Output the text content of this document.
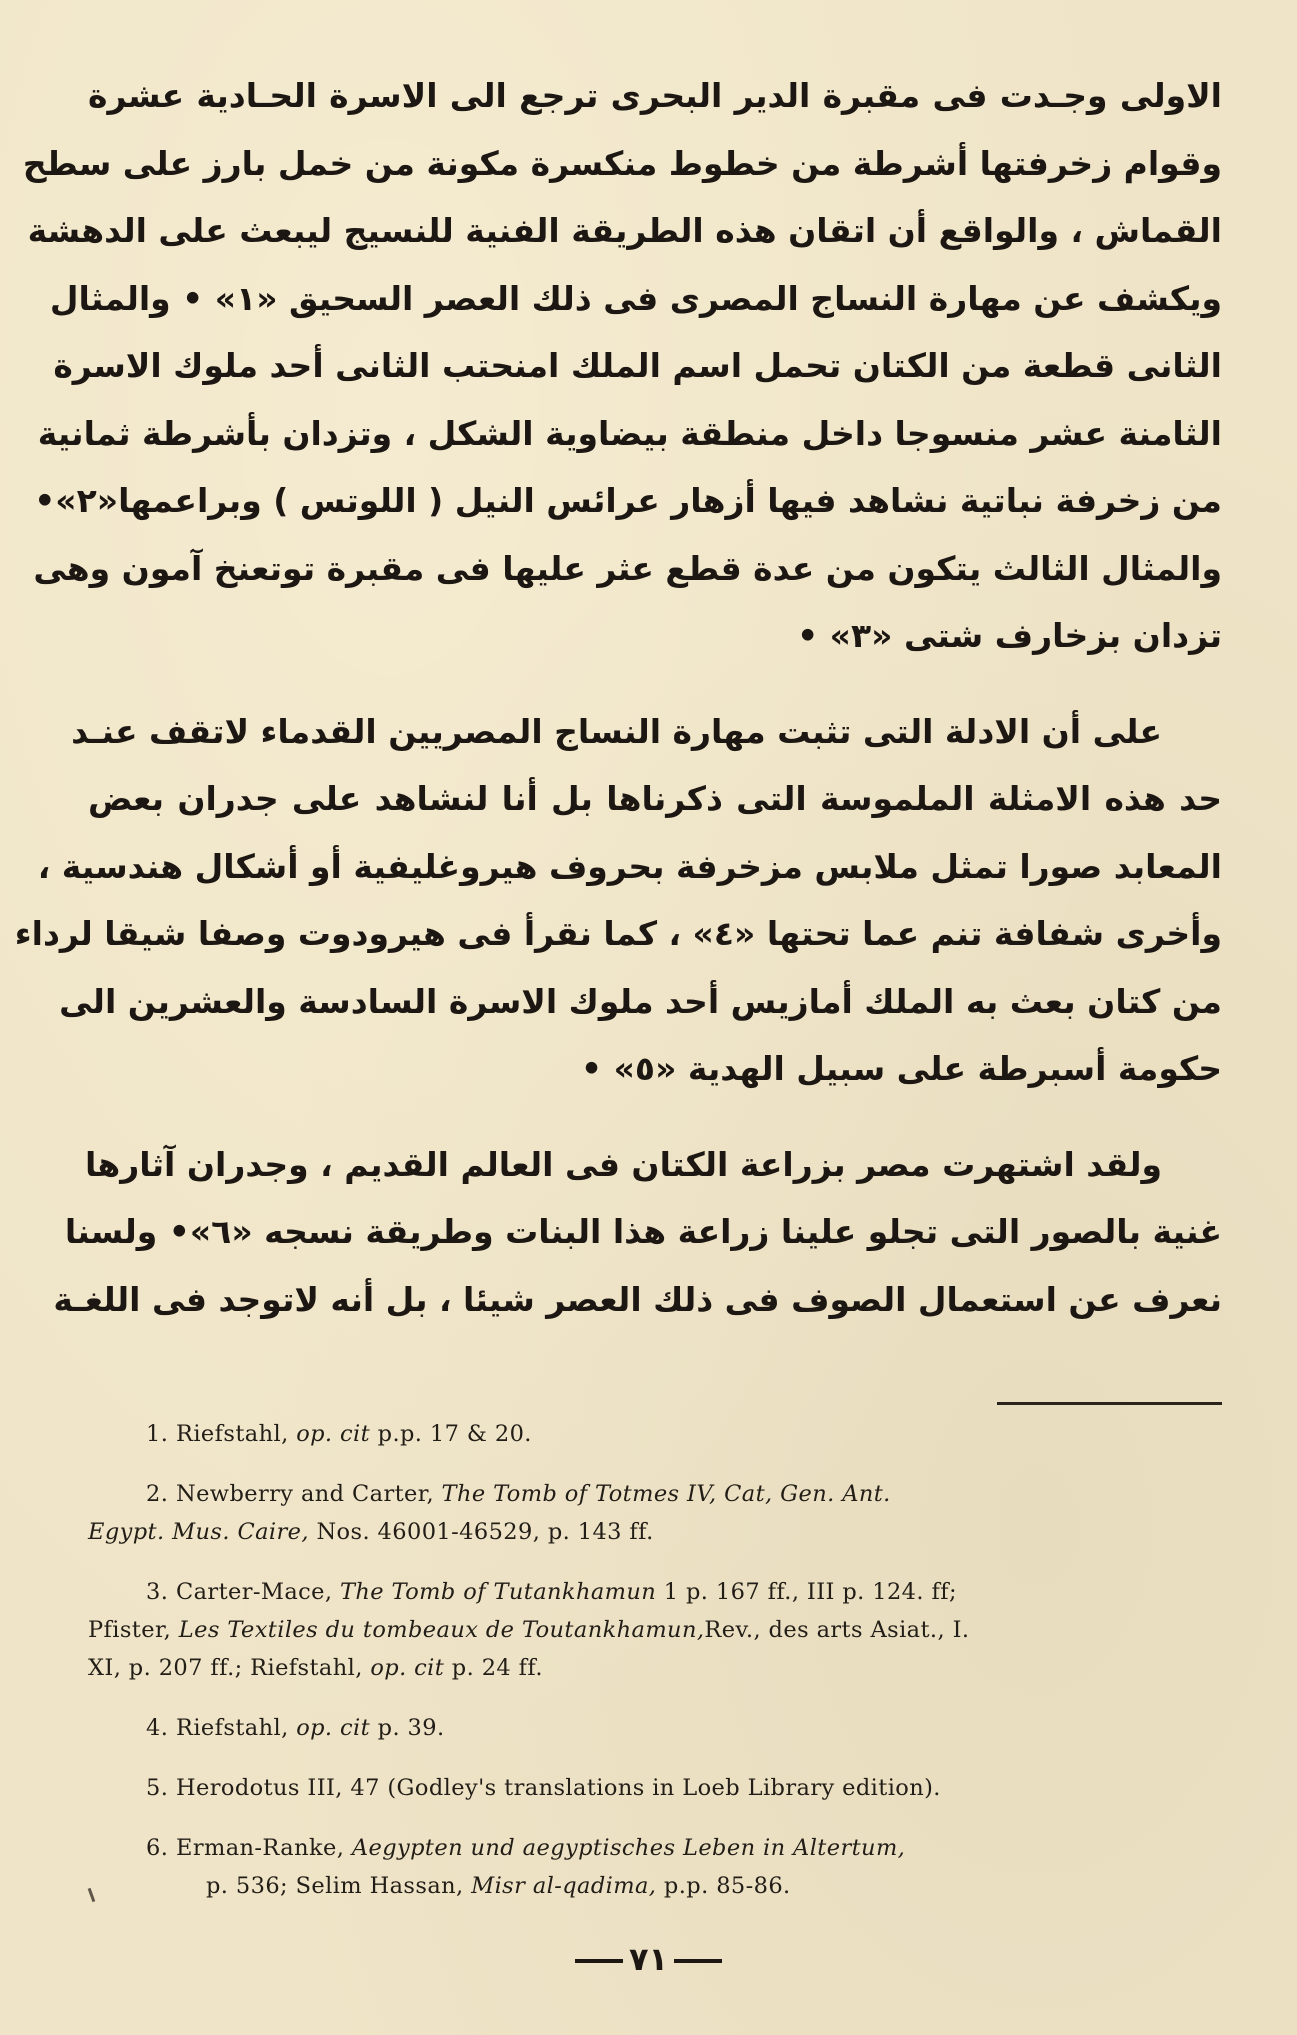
الاولى وجـدت فى مقبرة الدير البحرى ترجع الى الاسرة الحـادية عشرة
وقوام زخرفتها أشرطة من خطوط منكسرة مكونة من خمل بارز على سطح
القماش ، والواقع أن اتقان هذه الطريقة الفنية للنسيج ليبعث على الدهشة
ويكشف عن مهارة النساج المصرى فى ذلك العصر السحيق «١» • والمثال
الثانى قطعة من الكتان تحمل اسم الملك امنحتب الثانى أحد ملوك الاسرة
الثامنة عشر منسوجا داخل منطقة بيضاوية الشكل ، وتزدان بأشرطة ثمانية
من زخرفة نباتية نشاهد فيها أزهار عرائس النيل ( اللوتس ) وبراعمها«٢»•
والمثال الثالث يتكون من عدة قطع عثر عليها فى مقبرة توتعنخ آمون وهى
تزدان بزخارف شتى «٣» •

على أن الادلة التى تثبت مهارة النساج المصريين القدماء لاتقف عنـد
حد هذه الامثلة الملموسة التى ذكرناها بل أنا لنشاهد على جدران بعض
المعابد صورا تمثل ملابس مزخرفة بحروف هيروغليفية أو أشكال هندسية ،
وأخرى شفافة تنم عما تحتها «٤» ، كما نقرأ فى هيرودوت وصفا شيقا لرداء
من كتان بعث به الملك أمازيس أحد ملوك الاسرة السادسة والعشرين الى
حكومة أسبرطة على سبيل الهدية «٥» •

ولقد اشتهرت مصر بزراعة الكتان فى العالم القديم ، وجدران آثارها
غنية بالصور التى تجلو علينا زراعة هذا البنات وطريقة نسجه «٦»• ولسنا
نعرف عن استعمال الصوف فى ذلك العصر شيئا ، بل أنه لاتوجد فى اللغـة

1. Riefstahl, op. cit p.p. 17 & 20.

2. Newberry and Carter, The Tomb of Totmes IV, Cat, Gen. Ant.
Egypt. Mus. Caire, Nos. 46001-46529, p. 143 ff.

3. Carter-Mace, The Tomb of Tutankhamun 1 p. 167 ff., III p. 124. ff;
Pfister, Les Textiles du tombeaux de Toutankhamun,Rev., des arts Asiat., I.
XI, p. 207 ff.; Riefstahl, op. cit p. 24 ff.

4. Riefstahl, op. cit p. 39.

5. Herodotus III, 47 (Godley's translations in Loeb Library edition).

6. Erman-Ranke, Aegypten und aegyptisches Leben in Altertum,
p. 536; Selim Hassan, Misr al-qadima, p.p. 85-86.

٧١
